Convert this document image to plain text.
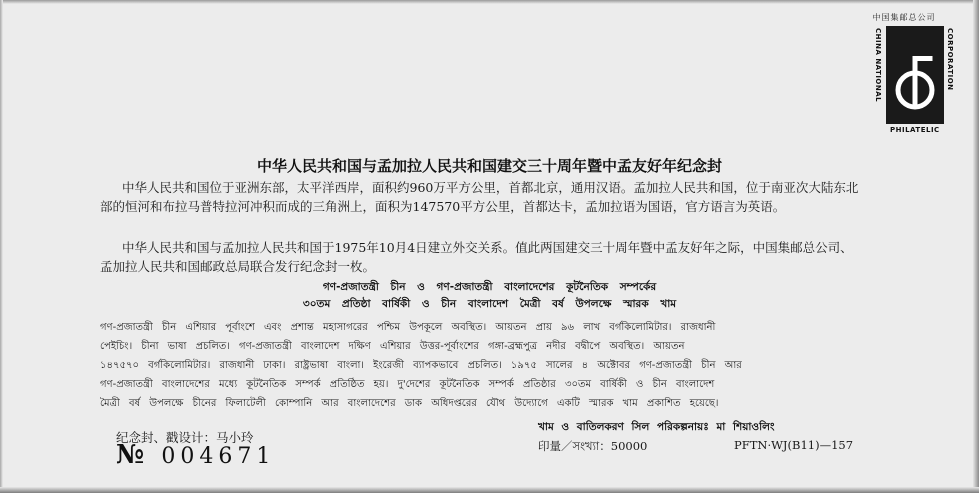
中国集邮总公司
CHINA NATIONAL	CORPORATION
PHILATELIC
中华人民共和国与孟加拉人民共和国建交三十周年暨中孟友好年纪念封
中华人民共和国位于亚洲东部，太平洋西岸，面积约960万平方公里，首都北京，通用汉语。孟加拉人民共和国，位于南亚次大陆东北部的恒河和布拉马普特拉河冲积而成的三角洲上，面积为147570平方公里，首都达卡，孟加拉语为国语，官方语言为英语。
中华人民共和国与孟加拉人民共和国于1975年10月4日建立外交关系。值此两国建交三十周年暨中孟友好年之际，中国集邮总公司、孟加拉人民共和国邮政总局联合发行纪念封一枚。
গণ-প্রজাতন্ত্রী চীন ও গণ-প্রজাতন্ত্রী বাংলাদেশের কূটনৈতিক সম্পর্কের
৩০তম প্রতিষ্ঠা বার্ষিকী ও চীন বাংলাদেশ মৈত্রী বর্ষ উপলক্ষে স্মারক খাম
গণ-প্রজাতন্ত্রী চীন এশিয়ার পূর্বাংশে এবং প্রশান্ত মহাসাগরের পশ্চিম উপকূলে অবস্থিত। আয়তন প্রায় ৯৬ লাখ বর্গকিলোমিটার। রাজধানী
পেইচিং। চীনা ভাষা প্রচলিত। গণ-প্রজাতন্ত্রী বাংলাদেশ দক্ষিণ এশিয়ার উত্তর-পূর্বাংশের গঙ্গা-ব্রহ্মপুত্র নদীর বদ্বীপে অবস্থিত। আয়তন
১৪৭৫৭০ বর্গকিলোমিটার। রাজধানী ঢাকা। রাষ্ট্রভাষা বাংলা। ইংরেজী ব্যাপকভাবে প্রচলিত। ১৯৭৫ সালের ৪ অক্টোবর গণ-প্রজাতন্ত্রী চীন আর
গণ-প্রজাতন্ত্রী বাংলাদেশের মধ্যে কূটনৈতিক সম্পর্ক প্রতিষ্ঠিত হয়। দু'দেশের কূটনৈতিক সম্পর্ক প্রতিষ্ঠার ৩০তম বার্ষিকী ও চীন বাংলাদেশ
মৈত্রী বর্ষ উপলক্ষে চীনের ফিলাটেলী কোম্পানি আর বাংলাদেশের ডাক অধিদপ্তরের যৌথ উদ্যোগে একটি স্মারক খাম প্রকাশিত হয়েছে।
纪念封、戳设计：马小玲
№ 004671
খাম ও বাতিলকরণ সিল পরিকল্পনায়ঃ মা শিয়াওলিং
印量／সংখ্যা：50000	PFTN·WJ(B11)—157
